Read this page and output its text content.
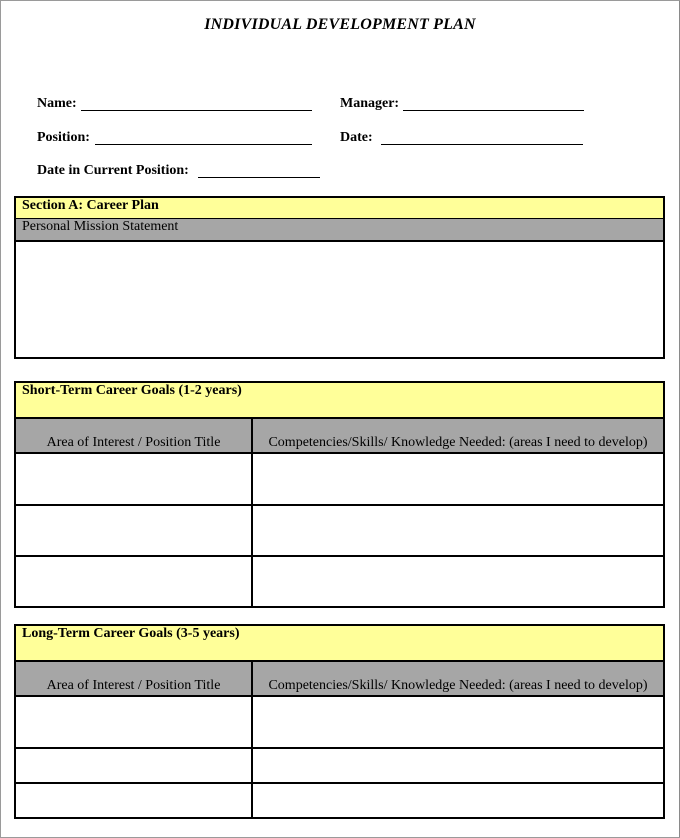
INDIVIDUAL DEVELOPMENT PLAN
Name:	Manager:
Position:	Date:
Date in Current Position:
Section A: Career Plan
Personal Mission Statement
Short-Term Career Goals (1-2 years)
Area of Interest / Position Title	Competencies/Skills/ Knowledge Needed: (areas I need to develop)
Long-Term Career Goals (3-5 years)
Area of Interest / Position Title	Competencies/Skills/ Knowledge Needed: (areas I need to develop)
